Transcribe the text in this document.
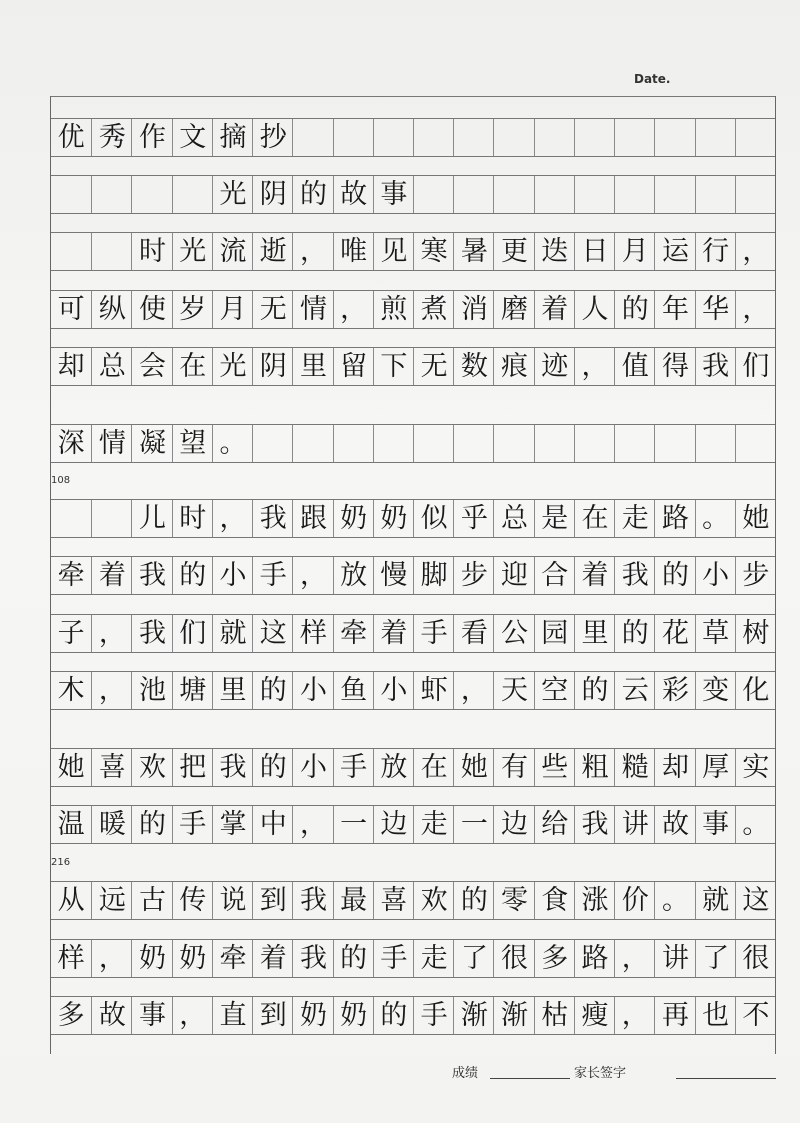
Date.
优 秀 作 文 摘 抄
光 阴 的 故 事
时 光 流 逝 ， 唯 见 寒 暑 更 迭 日 月 运 行 ，
可 纵 使 岁 月 无 情 ， 煎 煮 消 磨 着 人 的 年 华 ，
却 总 会 在 光 阴 里 留 下 无 数 痕 迹 ， 值 得 我 们
深 情 凝 望 。
儿 时 ， 我 跟 奶 奶 似 乎 总 是 在 走 路 。 她
牵 着 我 的 小 手 ， 放 慢 脚 步 迎 合 着 我 的 小 步
子 ， 我 们 就 这 样 牵 着 手 看 公 园 里 的 花 草 树
木 ， 池 塘 里 的 小 鱼 小 虾 ， 天 空 的 云 彩 变 化
她 喜 欢 把 我 的 小 手 放 在 她 有 些 粗 糙 却 厚 实
温 暖 的 手 掌 中 ， 一 边 走 一 边 给 我 讲 故 事 。
从 远 古 传 说 到 我 最 喜 欢 的 零 食 涨 价 。 就 这
样 ， 奶 奶 牵 着 我 的 手 走 了 很 多 路 ， 讲 了 很
多 故 事 ， 直 到 奶 奶 的 手 渐 渐 枯 瘦 ， 再 也 不
108
216
成绩	家长签字
